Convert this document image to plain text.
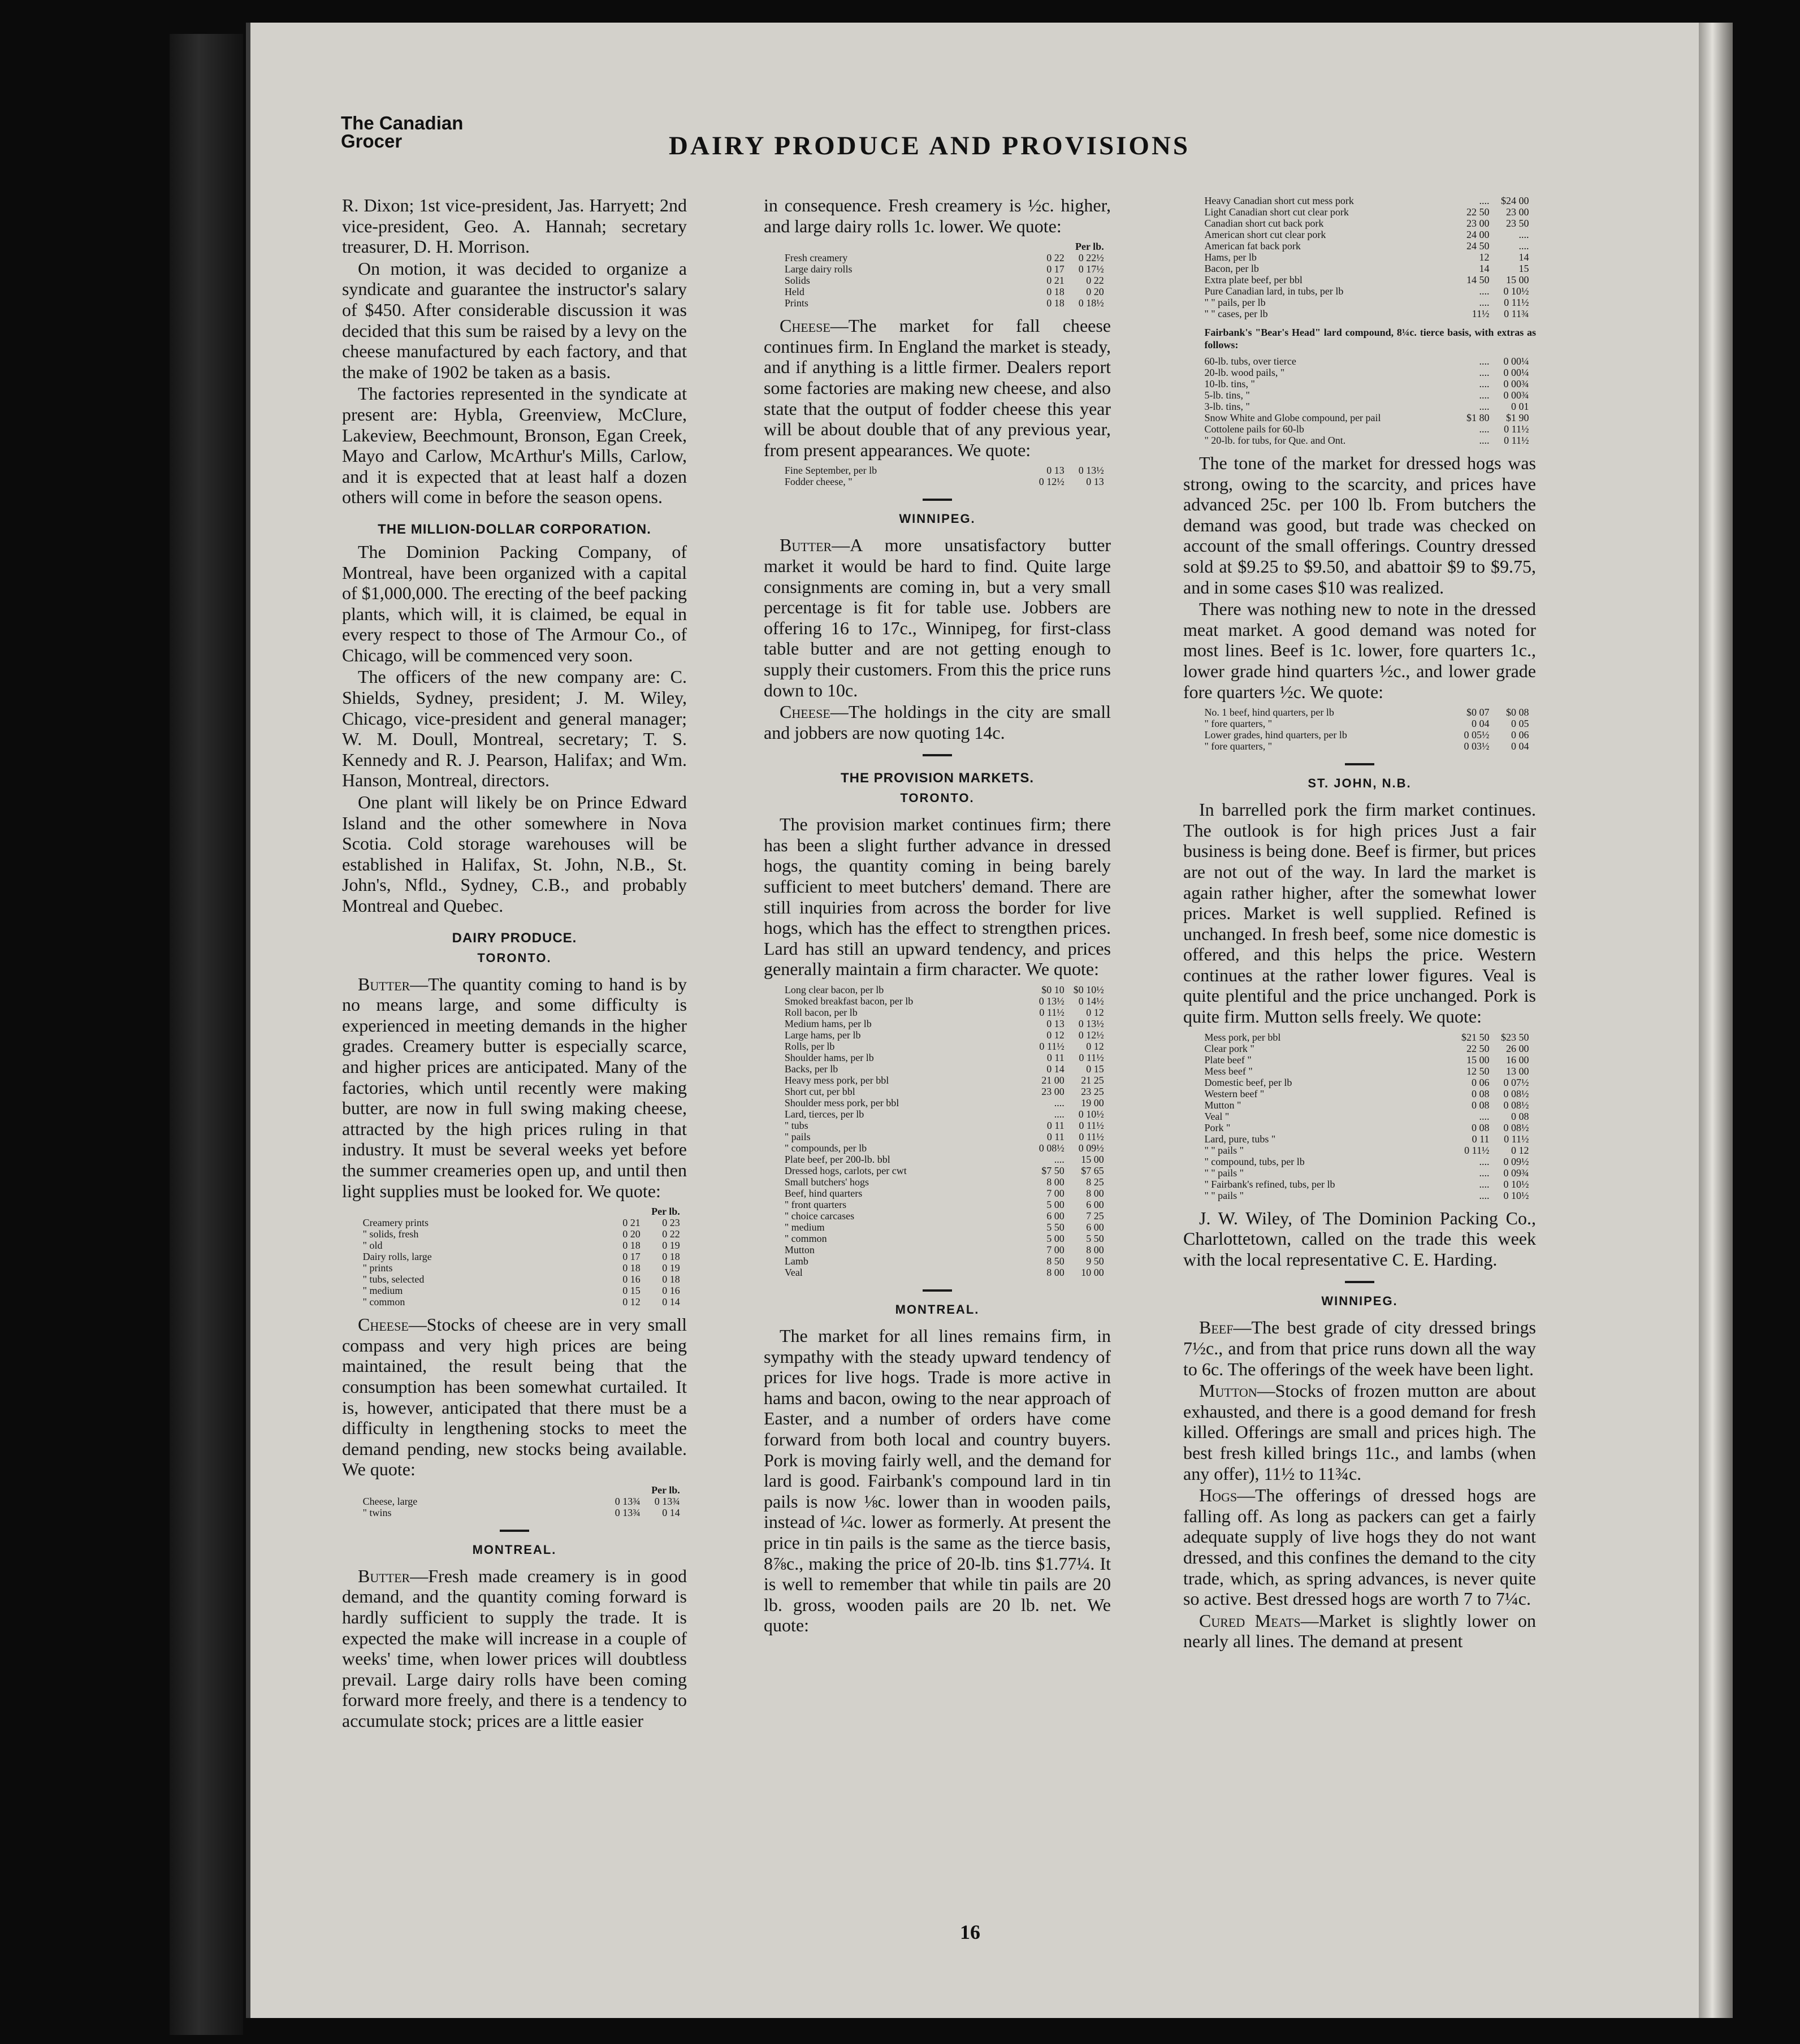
The Canadian Grocer	DAIRY PRODUCE AND PROVISIONS

R. Dixon; 1st vice-president, Jas. Harryett; 2nd vice-president, Geo. A. Hannah; secretary treasurer, D. H. Morrison.

On motion, it was decided to organize a syndicate and guarantee the instructor's salary of $450. After considerable discussion it was decided that this sum be raised by a levy on the cheese manufactured by each factory, and that the make of 1902 be taken as a basis.

The factories represented in the syndicate at present are: Hybla, Greenview, McClure, Lakeview, Beechmount, Bronson, Egan Creek, Mayo and Carlow, McArthur's Mills, Carlow, and it is expected that at least half a dozen others will come in before the season opens.

THE MILLION-DOLLAR CORPORATION.

The Dominion Packing Company, of Montreal, have been organized with a capital of $1,000,000. The erecting of the beef packing plants, which will, it is claimed, be equal in every respect to those of The Armour Co., of Chicago, will be commenced very soon.

The officers of the new company are: C. Shields, Sydney, president; J. M. Wiley, Chicago, vice-president and general manager; W. M. Doull, Montreal, secretary; T. S. Kennedy and R. J. Pearson, Halifax; and Wm. Hanson, Montreal, directors.

One plant will likely be on Prince Edward Island and the other somewhere in Nova Scotia. Cold storage warehouses will be established in Halifax, St. John, N.B., St. John's, Nfld., Sydney, C.B., and probably Montreal and Quebec.

DAIRY PRODUCE.
TORONTO.

Butter—The quantity coming to hand is by no means large, and some difficulty is experienced in meeting demands in the higher grades. Creamery butter is especially scarce, and higher prices are anticipated. Many of the factories, which until recently were making butter, are now in full swing making cheese, attracted by the high prices ruling in that industry. It must be several weeks yet before the summer creameries open up, and until then light supplies must be looked for. We quote:

	Per lb.	
Creamery prints	0 21	0 23
" solids, fresh	0 20	0 22
" old	0 18	0 19
Dairy rolls, large	0 17	0 18
" prints	0 18	0 19
" tubs, selected	0 16	0 18
" medium	0 15	0 16
" common	0 12	0 14

Cheese—Stocks of cheese are in very small compass and very high prices are being maintained, the result being that the consumption has been somewhat curtailed. It is, however, anticipated that there must be a difficulty in lengthening stocks to meet the demand pending, new stocks being available. We quote:

	Per lb.	
Cheese, large	0 13¾	0 13¾
" twins	0 13¾	0 14
MONTREAL.

Butter—Fresh made creamery is in good demand, and the quantity coming forward is hardly sufficient to supply the trade. It is expected the make will increase in a couple of weeks' time, when lower prices will doubtless prevail. Large dairy rolls have been coming forward more freely, and there is a tendency to accumulate stock; prices are a little easier

in consequence. Fresh creamery is ½c. higher, and large dairy rolls 1c. lower. We quote:

	Per lb.	
Fresh creamery	0 22	0 22½
Large dairy rolls	0 17	0 17½
Solids	0 21	0 22
Held	0 18	0 20
Prints	0 18	0 18½

Cheese—The market for fall cheese continues firm. In England the market is steady, and if anything is a little firmer. Dealers report some factories are making new cheese, and also state that the output of fodder cheese this year will be about double that of any previous year, from present appearances. We quote:

Fine September, per lb	0 13	0 13½
Fodder cheese, "	0 12½	0 13
WINNIPEG.

Butter—A more unsatisfactory butter market it would be hard to find. Quite large consignments are coming in, but a very small percentage is fit for table use. Jobbers are offering 16 to 17c., Winnipeg, for first-class table butter and are not getting enough to supply their customers. From this the price runs down to 10c.

Cheese—The holdings in the city are small and jobbers are now quoting 14c.

THE PROVISION MARKETS.
TORONTO.

The provision market continues firm; there has been a slight further advance in dressed hogs, the quantity coming in being barely sufficient to meet butchers' demand. There are still inquiries from across the border for live hogs, which has the effect to strengthen prices. Lard has still an upward tendency, and prices generally maintain a firm character. We quote:

Long clear bacon, per lb	$0 10	$0 10½
Smoked breakfast bacon, per lb	0 13½	0 14½
Roll bacon, per lb	0 11½	0 12
Medium hams, per lb	0 13	0 13½
Large hams, per lb	0 12	0 12½
Rolls, per lb	0 11½	0 12
Shoulder hams, per lb	0 11	0 11½
Backs, per lb	0 14	0 15
Heavy mess pork, per bbl	21 00	21 25
Short cut, per bbl	23 00	23 25
Shoulder mess pork, per bbl	....	19 00
Lard, tierces, per lb	....	0 10½
" tubs	0 11	0 11½
" pails	0 11	0 11½
" compounds, per lb	0 08½	0 09½
Plate beef, per 200-lb. bbl	....	15 00
Dressed hogs, carlots, per cwt	$7 50	$7 65
Small butchers' hogs	8 00	8 25
Beef, hind quarters	7 00	8 00
" front quarters	5 00	6 00
" choice carcases	6 00	7 25
" medium	5 50	6 00
" common	5 00	5 50
Mutton	7 00	8 00
Lamb	8 50	9 50
Veal	8 00	10 00
MONTREAL.

The market for all lines remains firm, in sympathy with the steady upward tendency of prices for live hogs. Trade is more active in hams and bacon, owing to the near approach of Easter, and a number of orders have come forward from both local and country buyers. Pork is moving fairly well, and the demand for lard is good. Fairbank's compound lard in tin pails is now ⅛c. lower than in wooden pails, instead of ¼c. lower as formerly. At present the price in tin pails is the same as the tierce basis, 8⅞c., making the price of 20-lb. tins $1.77¼. It is well to remember that while tin pails are 20 lb. gross, wooden pails are 20 lb. net. We quote:

Heavy Canadian short cut mess pork	....	$24 00
Light Canadian short cut clear pork	22 50	23 00
Canadian short cut back pork	23 00	23 50
American short cut clear pork	24 00	....
American fat back pork	24 50	....
Hams, per lb	12	14
Bacon, per lb	14	15
Extra plate beef, per bbl	14 50	15 00
Pure Canadian lard, in tubs, per lb	....	0 10½
" " pails, per lb	....	0 11½
" " cases, per lb	11½	0 11¾
Fairbank's "Bear's Head" lard compound, 8¼c. tierce basis, with extras as follows:
60-lb. tubs, over tierce	....	0 00¼
20-lb. wood pails, "	....	0 00¼
10-lb. tins, "	....	0 00¾
5-lb. tins, "	....	0 00¾
3-lb. tins, "	....	0 01
Snow White and Globe compound, per pail	$1 80	$1 90
Cottolene pails for 60-lb	....	0 11½
" 20-lb. for tubs, for Que. and Ont.	....	0 11½

The tone of the market for dressed hogs was strong, owing to the scarcity, and prices have advanced 25c. per 100 lb. From butchers the demand was good, but trade was checked on account of the small offerings. Country dressed sold at $9.25 to $9.50, and abattoir $9 to $9.75, and in some cases $10 was realized.

There was nothing new to note in the dressed meat market. A good demand was noted for most lines. Beef is 1c. lower, fore quarters 1c., lower grade hind quarters ½c., and lower grade fore quarters ½c. We quote:

No. 1 beef, hind quarters, per lb	$0 07	$0 08
" fore quarters, "	0 04	0 05
Lower grades, hind quarters, per lb	0 05½	0 06
" fore quarters, "	0 03½	0 04
ST. JOHN, N.B.

In barrelled pork the firm market continues. The outlook is for high prices Just a fair business is being done. Beef is firmer, but prices are not out of the way. In lard the market is again rather higher, after the somewhat lower prices. Market is well supplied. Refined is unchanged. In fresh beef, some nice domestic is offered, and this helps the price. Western continues at the rather lower figures. Veal is quite plentiful and the price unchanged. Pork is quite firm. Mutton sells freely. We quote:

Mess pork, per bbl	$21 50	$23 50
Clear pork "	22 50	26 00
Plate beef "	15 00	16 00
Mess beef "	12 50	13 00
Domestic beef, per lb	0 06	0 07½
Western beef "	0 08	0 08½
Mutton "	0 08	0 08½
Veal "	....	0 08
Pork "	0 08	0 08½
Lard, pure, tubs "	0 11	0 11½
" " pails "	0 11½	0 12
" compound, tubs, per lb	....	0 09½
" " pails "	....	0 09¾
" Fairbank's refined, tubs, per lb	....	0 10½
" " pails "	....	0 10½

J. W. Wiley, of The Dominion Packing Co., Charlottetown, called on the trade this week with the local representative C. E. Harding.

WINNIPEG.

Beef—The best grade of city dressed brings 7½c., and from that price runs down all the way to 6c. The offerings of the week have been light.

Mutton—Stocks of frozen mutton are about exhausted, and there is a good demand for fresh killed. Offerings are small and prices high. The best fresh killed brings 11c., and lambs (when any offer), 11½ to 11¾c.

Hogs—The offerings of dressed hogs are falling off. As long as packers can get a fairly adequate supply of live hogs they do not want dressed, and this confines the demand to the city trade, which, as spring advances, is never quite so active. Best dressed hogs are worth 7 to 7¼c.

Cured Meats—Market is slightly lower on nearly all lines. The demand at present

16
